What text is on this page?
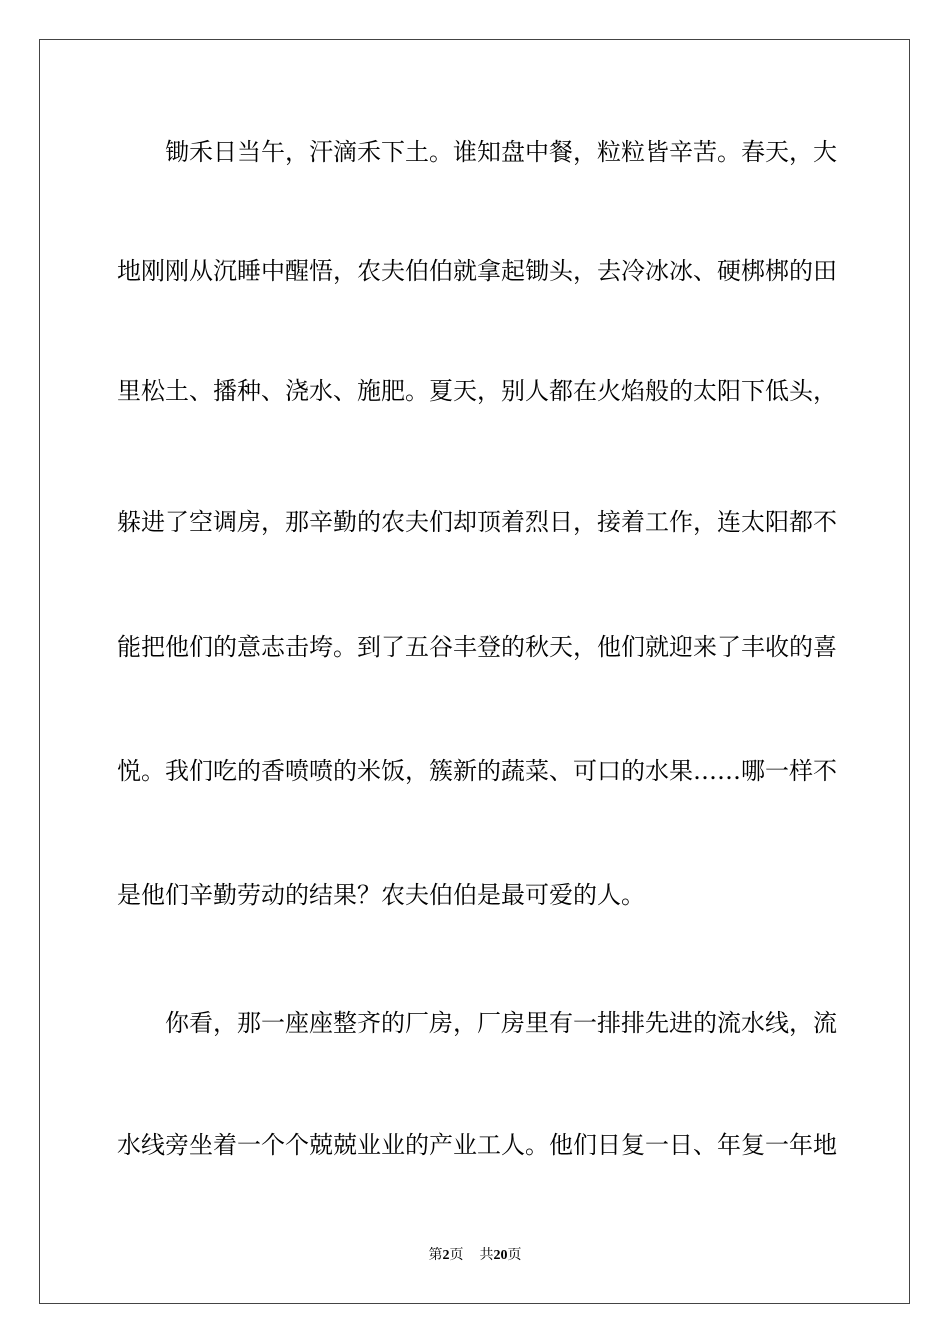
锄禾日当午，汗滴禾下土。谁知盘中餐，粒粒皆辛苦。春天，大
地刚刚从沉睡中醒悟，农夫伯伯就拿起锄头，去冷冰冰、硬梆梆的田
里松土、播种、浇水、施肥。夏天，别人都在火焰般的太阳下低头，
躲进了空调房，那辛勤的农夫们却顶着烈日，接着工作，连太阳都不
能把他们的意志击垮。到了五谷丰登的秋天，他们就迎来了丰收的喜
悦。我们吃的香喷喷的米饭，簇新的蔬菜、可口的水果……哪一样不
是他们辛勤劳动的结果？农夫伯伯是最可爱的人。
你看，那一座座整齐的厂房，厂房里有一排排先进的流水线，流
水线旁坐着一个个兢兢业业的产业工人。他们日复一日、年复一年地
第2页 共20页
